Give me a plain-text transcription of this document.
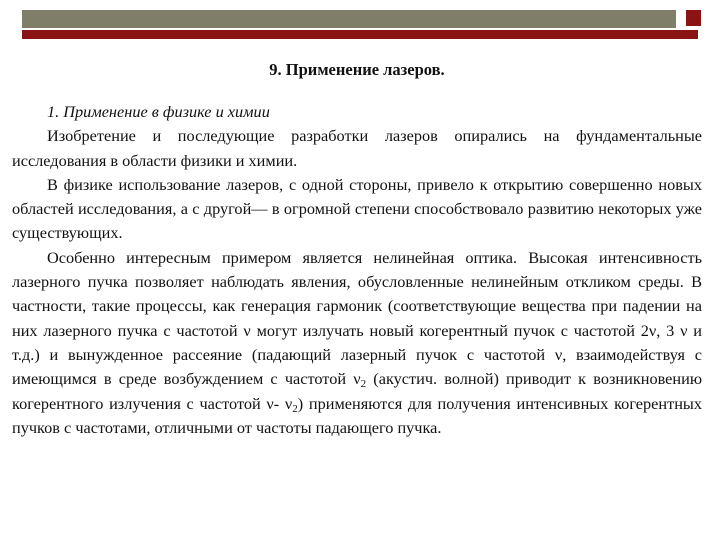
9. Применение лазеров.

1. Применение в физике и химии

Изобретение и последующие разработки лазеров опирались на фундаментальные исследования в области физики и химии.

В физике использование лазеров, с одной стороны, привело к открытию совершенно новых областей исследования, а с другой— в огромной степени способствовало развитию некоторых уже существующих.

Особенно интересным примером является нелинейная оптика. Высокая интенсивность лазерного пучка позволяет наблюдать явления, обусловленные нелинейным откликом среды. В частности, такие процессы, как генерация гармоник (соответствующие вещества при падении на них лазерного пучка с частотой ν могут излучать новый когерентный пучок с частотой 2ν, 3 ν и т.д.) и вынужденное рассеяние (падающий лазерный пучок с частотой ν, взаимодействуя с имеющимся в среде возбуждением с частотой $\nu_2$ (акустич. волной) приводит к возникновению когерентного излучения с частотой ν- $\nu_2$) применяются для получения интенсивных когерентных пучков с частотами, отличными от частоты падающего пучка.
